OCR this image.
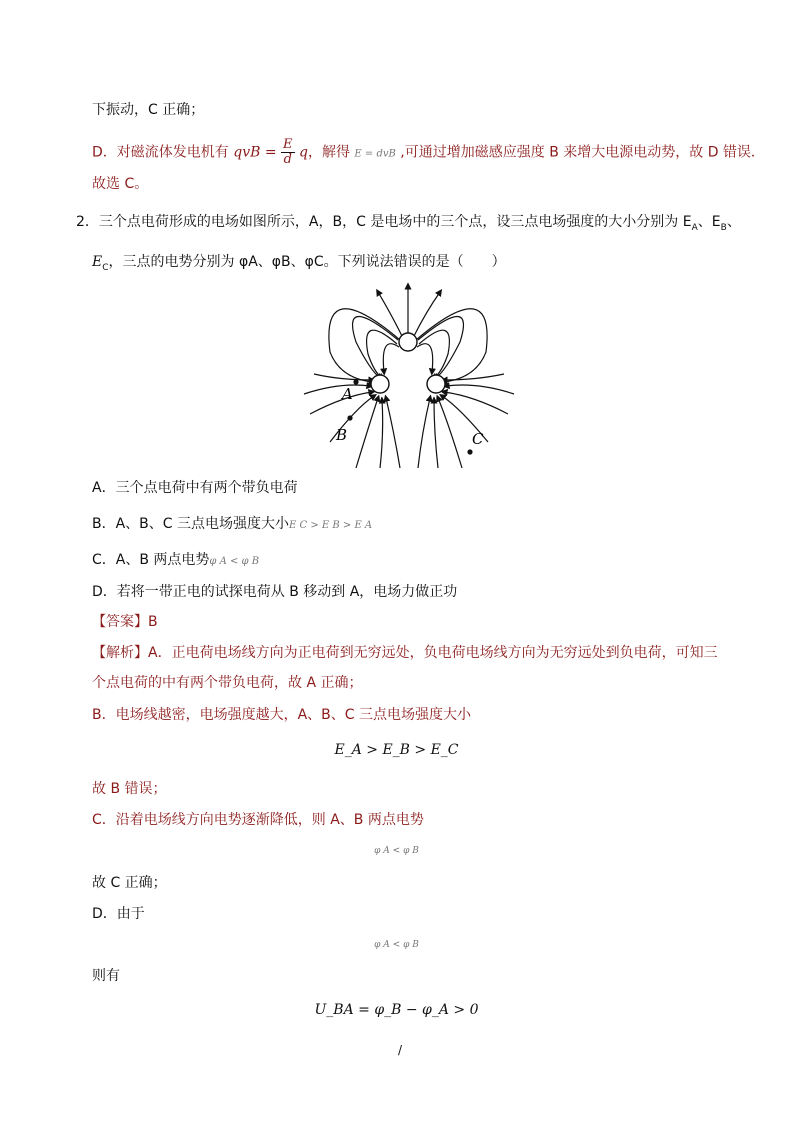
下振动，C 正确；
D．对磁流体发电机有 qvB = $\frac{E}{d}$ q，解得 E = dvB ,可通过增加磁感应强度 B 来增大电源电动势，故 D 错误．
故选 C。
2．三个点电荷形成的电场如图所示，A，B，C 是电场中的三个点，设三点电场强度的大小分别为 $E_A$、$E_B$、
$E_C$，三点的电势分别为 φA、φB、φC。下列说法错误的是（　　）
A
B	C
A．三个点电荷中有两个带负电荷
B．A、B、C 三点电场强度大小E C > E B > E A
C．A、B 两点电势φ A < φ B
D．若将一带正电的试探电荷从 B 移动到 A，电场力做正功
【答案】B
【解析】A．正电荷电场线方向为正电荷到无穷远处，负电荷电场线方向为无穷远处到负电荷，可知三
个点电荷的中有两个带负电荷，故 A 正确；
B．电场线越密，电场强度越大，A、B、C 三点电场强度大小
E_A > E_B > E_C
故 B 错误；
C．沿着电场线方向电势逐渐降低，则 A、B 两点电势
φ A < φ B
故 C 正确；
D．由于
φ A < φ B
则有
U_BA = φ_B − φ_A > 0
/
